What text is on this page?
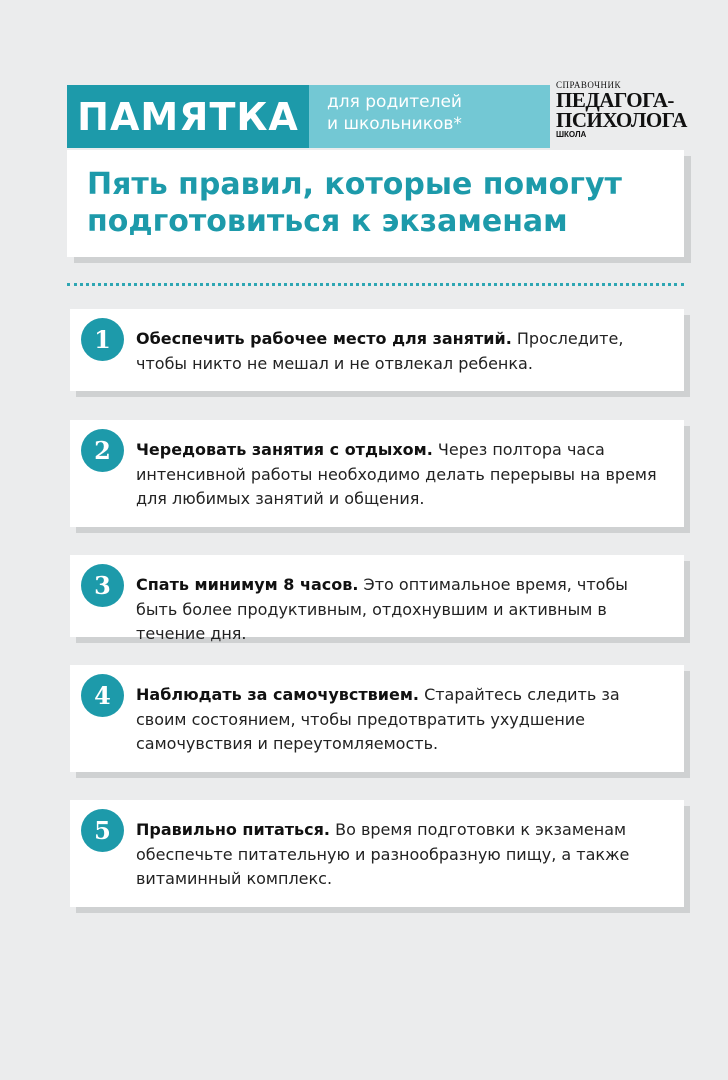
ПАМЯТКА для родителей
и школьников*
СПРАВОЧНИК
ПЕДАГОГА-
ПСИХОЛОГА
ШКОЛА

Пять правил, которые помогут

подготовиться к экзаменам

1	Обеспечить рабочее место для занятий. Проследите, чтобы никто не мешал и не отвлекал ребенка.
2	Чередовать занятия с отдыхом. Через полтора часа интенсивной работы необходимо делать перерывы на время для любимых занятий и общения.
3	Спать минимум 8 часов. Это оптимальное время, чтобы быть более продуктивным, отдохнувшим и активным в течение дня.
4	Наблюдать за самочувствием. Старайтесь следить за своим состоянием, чтобы предотвратить ухудшение самочувствия и переутомляемость.
5	Правильно питаться. Во время подготовки к экзаменам обеспечьте питательную и разнообразную пищу, а также витаминный комплекс.
